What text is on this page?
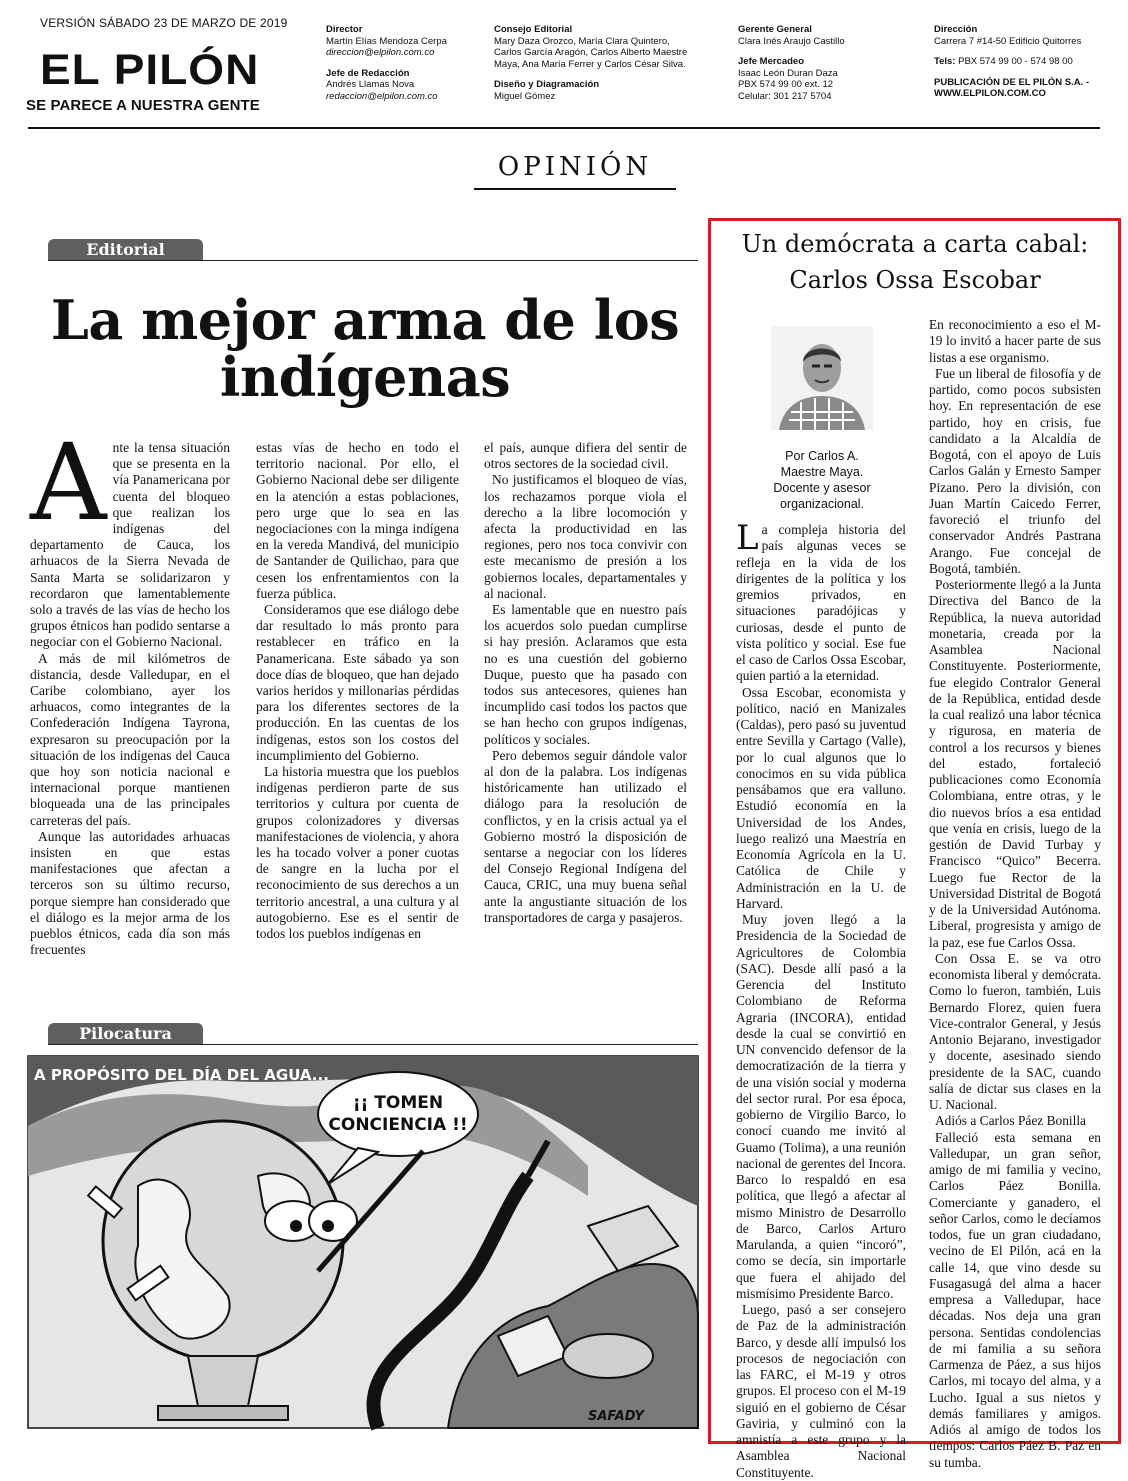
VERSIÓN SÁBADO 23 DE MARZO DE 2019
EL PILÓN
SE PARECE A NUESTRA GENTE
Director
Martín Elías Mendoza Cerpa
direccion@elpilon.com.co
Jefe de Redacción
Andrés Llamas Nova
redaccion@elpilon.com.co
Consejo Editorial
Mary Daza Orozco, María Clara Quintero,
Carlos García Aragón, Carlos Alberto Maestre
Maya, Ana María Ferrer y Carlos César Silva.
Diseño y Diagramación
Miguel Gómez
Gerente General
Clara Inés Araujo Castillo
Jefe Mercadeo
Isaac León Duran Daza
PBX 574 99 00 ext. 12
Celular: 301 217 5704
Dirección
Carrera 7 #14-50 Edificio Quitorres
Tels: PBX 574 99 00 - 574 98 00
PUBLICACIÓN DE EL PILÓN S.A. -
WWW.ELPILON.COM.CO
OPINIÓN
Editorial
La mejor arma de los indígenas

Ante la tensa situación que se presenta en la vía Panamericana por cuenta del bloqueo que realizan los indígenas del departamento de Cauca, los arhuacos de la Sierra Nevada de Santa Marta se solidarizaron y recordaron que lamentablemente solo a través de las vías de hecho los grupos étnicos han podido sentarse a negociar con el Gobierno Nacional.

A más de mil kilómetros de distancia, desde Valledupar, en el Caribe colombiano, ayer los arhuacos, como integrantes de la Confederación Indígena Tayrona, expresaron su preocupación por la situación de los indígenas del Cauca que hoy son noticia nacional e internacional porque mantienen bloqueada una de las principales carreteras del país.

Aunque las autoridades arhuacas insisten en que estas manifestaciones que afectan a terceros son su último recurso, porque siempre han considerado que el diálogo es la mejor arma de los pueblos étnicos, cada día son más frecuentes

estas vías de hecho en todo el territorio nacional. Por ello, el Gobierno Nacional debe ser diligente en la atención a estas poblaciones, pero urge que lo sea en las negociaciones con la minga indígena en la vereda Mandivá, del municipio de Santander de Quilichao, para que cesen los enfrentamientos con la fuerza pública.

Consideramos que ese diálogo debe dar resultado lo más pronto para restablecer en tráfico en la Panamericana. Este sábado ya son doce días de bloqueo, que han dejado varios heridos y millonarias pérdidas para los diferentes sectores de la producción. En las cuentas de los indígenas, estos son los costos del incumplimiento del Gobierno.

La historia muestra que los pueblos indígenas perdieron parte de sus territorios y cultura por cuenta de grupos colonizadores y diversas manifestaciones de violencia, y ahora les ha tocado volver a poner cuotas de sangre en la lucha por el reconocimiento de sus derechos a un territorio ancestral, a una cultura y al autogobierno. Ese es el sentir de todos los pueblos indígenas en

el país, aunque difiera del sentir de otros sectores de la sociedad civil.

No justificamos el bloqueo de vías, los rechazamos porque viola el derecho a la libre locomoción y afecta la productividad en las regiones, pero nos toca convivir con este mecanismo de presión a los gobiernos locales, departamentales y al nacional.

Es lamentable que en nuestro país los acuerdos solo puedan cumplirse si hay presión. Aclaramos que esta no es una cuestión del gobierno Duque, puesto que ha pasado con todos sus antecesores, quienes han incumplido casi todos los pactos que se han hecho con grupos indígenas, políticos y sociales.

Pero debemos seguir dándole valor al don de la palabra. Los indígenas históricamente han utilizado el diálogo para la resolución de conflictos, y en la crisis actual ya el Gobierno mostró la disposición de sentarse a negociar con los líderes del Consejo Regional Indígena del Cauca, CRIC, una muy buena señal ante la angustiante situación de los transportadores de carga y pasajeros.

Pilocatura
A PROPÓSITO DEL DÍA DEL AGUA...
¡¡ TOMEN
CONCIENCIA !!
SAFADY
Un demócrata a carta cabal: Carlos Ossa Escobar
Por Carlos A.
Maestre Maya.
Docente y asesor
organizacional.

La compleja historia del país algunas veces se refleja en la vida de los dirigentes de la política y los gremios privados, en situaciones paradójicas y curiosas, desde el punto de vista político y social. Ese fue el caso de Carlos Ossa Escobar, quien partió a la eternidad.

Ossa Escobar, economista y político, nació en Manizales (Caldas), pero pasó su juventud entre Sevilla y Cartago (Valle), por lo cual algunos que lo conocimos en su vida pública pensábamos que era valluno. Estudió economía en la Universidad de los Andes, luego realizó una Maestría en Economía Agrícola en la U. Católica de Chile y Administración en la U. de Harvard.

Muy joven llegó a la Presidencia de la Sociedad de Agricultores de Colombia (SAC). Desde allí pasó a la Gerencia del Instituto Colombiano de Reforma Agraria (INCORA), entidad desde la cual se convirtió en UN convencido defensor de la democratización de la tierra y de una visión social y moderna del sector rural. Por esa época, gobierno de Virgilio Barco, lo conocí cuando me invitó al Guamo (Tolima), a una reunión nacional de gerentes del Incora. Barco lo respaldó en esa política, que llegó a afectar al mismo Ministro de Desarrollo de Barco, Carlos Arturo Marulanda, a quien “incoró”, como se decía, sin importarle que fuera el ahijado del mismísimo Presidente Barco.

Luego, pasó a ser consejero de Paz de la administración Barco, y desde allí impulsó los procesos de negociación con las FARC, el M-19 y otros grupos. El proceso con el M-19 siguió en el gobierno de César Gaviria, y culminó con la amnistía a este grupo y la Asamblea Nacional Constituyente.

En reconocimiento a eso el M-19 lo invitó a hacer parte de sus listas a ese organismo.

Fue un liberal de filosofía y de partido, como pocos subsisten hoy. En representación de ese partido, hoy en crisis, fue candidato a la Alcaldía de Bogotá, con el apoyo de Luis Carlos Galán y Ernesto Samper Pizano. Pero la división, con Juan Martín Caicedo Ferrer, favoreció el triunfo del conservador Andrés Pastrana Arango. Fue concejal de Bogotá, también.

Posteriormente llegó a la Junta Directiva del Banco de la República, la nueva autoridad monetaria, creada por la Asamblea Nacional Constituyente. Posteriormente, fue elegido Contralor General de la República, entidad desde la cual realizó una labor técnica y rigurosa, en materia de control a los recursos y bienes del estado, fortaleció publicaciones como Economía Colombiana, entre otras, y le dio nuevos bríos a esa entidad que venía en crisis, luego de la gestión de David Turbay y Francisco “Quico” Becerra. Luego fue Rector de la Universidad Distrital de Bogotá y de la Universidad Autónoma. Liberal, progresista y amigo de la paz, ese fue Carlos Ossa.

Con Ossa E. se va otro economista liberal y demócrata. Como lo fueron, también, Luis Bernardo Florez, quien fuera Vice-contralor General, y Jesús Antonio Bejarano, investigador y docente, asesinado siendo presidente de la SAC, cuando salía de dictar sus clases en la U. Nacional.

Adiós a Carlos Páez Bonilla

Falleció esta semana en Valledupar, un gran señor, amigo de mi familia y vecino, Carlos Páez Bonilla. Comerciante y ganadero, el señor Carlos, como le decíamos todos, fue un gran ciudadano, vecino de El Pilón, acá en la calle 14, que vino desde su Fusagasugá del alma a hacer empresa a Valledupar, hace décadas. Nos deja una gran persona. Sentidas condolencias de mi familia a su señora Carmenza de Páez, a sus hijos Carlos, mi tocayo del alma, y a Lucho. Igual a sus nietos y demás familiares y amigos. Adiós al amigo de todos los tiempos: Carlos Páez B. Paz en su tumba.
